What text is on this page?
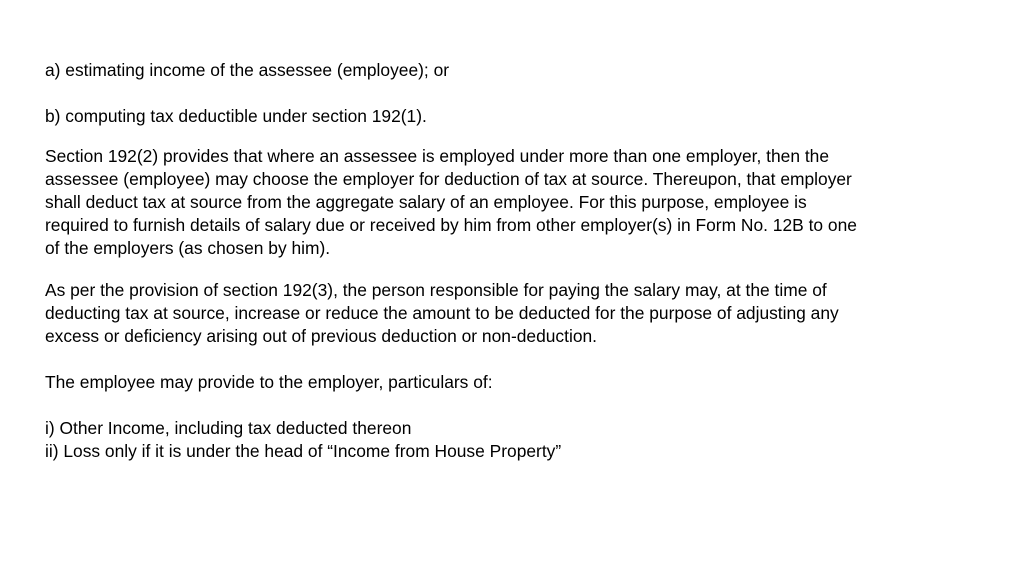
a) estimating income of the assessee (employee); or

b) computing tax deductible under section 192(1).

Section 192(2) provides that where an assessee is employed under more than one employer, then the
assessee (employee) may choose the employer for deduction of tax at source. Thereupon, that employer
shall deduct tax at source from the aggregate salary of an employee. For this purpose, employee is
required to furnish details of salary due or received by him from other employer(s) in Form No. 12B to one
of the employers (as chosen by him).
As per the provision of section 192(3), the person responsible for paying the salary may, at the time of
deducting tax at source, increase or reduce the amount to be deducted for the purpose of adjusting any
excess or deficiency arising out of previous deduction or non-deduction.

The employee may provide to the employer, particulars of:

i) Other Income, including tax deducted thereon

ii) Loss only if it is under the head of “Income from House Property”
